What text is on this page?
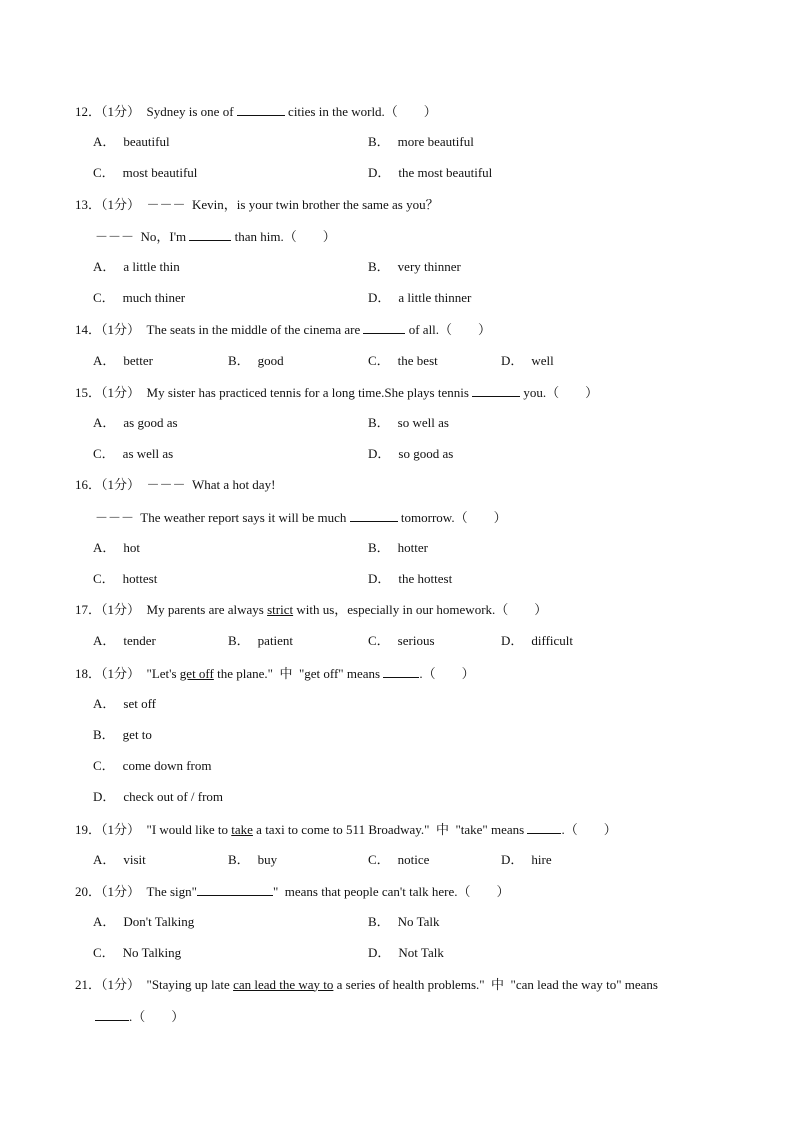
12．（1分） Sydney is one of	cities in the world.（　　）
A． beautiful	B． more beautiful
C． most beautiful	D． the most beautiful
13．（1分） －－－  Kevin，is your twin brother the same as you？
－－－  No，I'm	than him.（　　）
A． a little thin	B． very thinner
C． much thiner	D． a little thinner
14．（1分） The seats in the middle of the cinema are	of all.（　　）
A． better	B． good	C． the best	D． well
15．（1分） My sister has practiced tennis for a long time.She plays tennis	you.（　　）
A． as good as	B． so well as
C． as well as	D． so good as
16．（1分） －－－  What a hot day!
－－－  The weather report says it will be much	tomorrow.（　　）
A． hot	B． hotter
C． hottest	D． the hottest
17．（1分） My parents are always strict with us，especially in our homework.（　　）
A． tender	B． patient	C． serious	D． difficult
18．（1分） "Let's get off the plane."  中  "get off" means	.（　　）
A． set off
B． get to
C． come down from
D． check out of / from
19．（1分） "I would like to take a taxi to come to 511 Broadway."  中  "take" means	.（　　）
A． visit	B． buy	C． notice	D． hire
20．（1分） The sign"	"  means that people can't talk here.（　　）
A． Don't Talking	B． No Talk
C． No Talking	D． Not Talk
21．（1分） "Staying up late can lead the way to a series of health problems."  中  "can lead the way to" means
.（　　）
